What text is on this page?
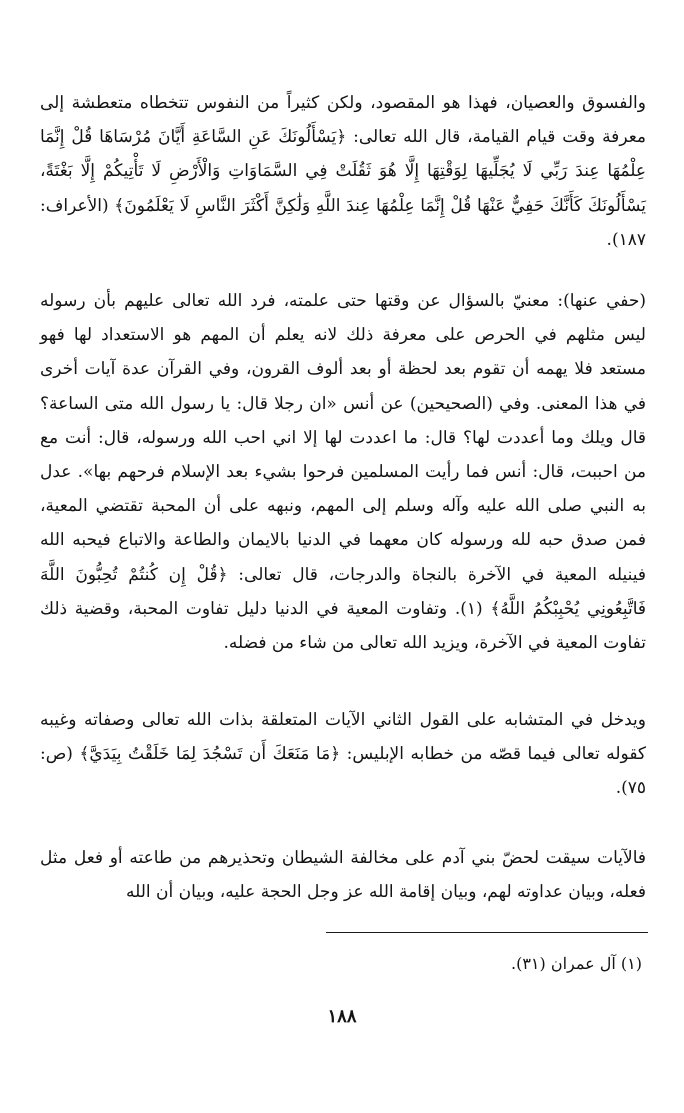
والفسوق والعصيان، فهذا هو المقصود، ولكن كثيراً من النفوس تتخطاه متعطشة إلى معرفة وقت قيام القيامة، قال الله تعالى: ﴿يَسْأَلُونَكَ عَنِ السَّاعَةِ أَيَّانَ مُرْسَاهَا قُلْ إِنَّمَا عِلْمُهَا عِندَ رَبِّي لَا يُجَلِّيهَا لِوَقْتِهَا إِلَّا هُوَ ثَقُلَتْ فِي السَّمَاوَاتِ وَالْأَرْضِ لَا تَأْتِيكُمْ إِلَّا بَغْتَةً، يَسْأَلُونَكَ كَأَنَّكَ حَفِيٌّ عَنْهَا قُلْ إِنَّمَا عِلْمُهَا عِندَ اللَّهِ وَلَٰكِنَّ أَكْثَرَ النَّاسِ لَا يَعْلَمُونَ﴾ (الأعراف: ١٨٧).
(حفي عنها): معنيّ بالسؤال عن وقتها حتى علمته، فرد الله تعالى عليهم بأن رسوله ليس مثلهم في الحرص على معرفة ذلك لانه يعلم أن المهم هو الاستعداد لها فهو مستعد فلا يهمه أن تقوم بعد لحظة أو بعد ألوف القرون، وفي القرآن عدة آيات أخرى في هذا المعنى. وفي (الصحيحين) عن أنس «ان رجلا قال: يا رسول الله متى الساعة؟ قال ويلك وما أعددت لها؟ قال: ما اعددت لها إلا اني احب الله ورسوله، قال: أنت مع من احببت، قال: أنس فما رأيت المسلمين فرحوا بشيء بعد الإسلام فرحهم بها». عدل به النبي صلى الله عليه وآله وسلم إلى المهم، ونبهه على أن المحبة تقتضي المعية، فمن صدق حبه لله ورسوله كان معهما في الدنيا بالايمان والطاعة والاتباع فيحبه الله فينيله المعية في الآخرة بالنجاة والدرجات، قال تعالى: ﴿قُلْ إِن كُنتُمْ تُحِبُّونَ اللَّهَ فَاتَّبِعُونِي يُحْبِبْكُمُ اللَّهُ﴾ (١). وتفاوت المعية في الدنيا دليل تفاوت المحبة، وقضية ذلك تفاوت المعية في الآخرة، ويزيد الله تعالى من شاء من فضله.
ويدخل في المتشابه على القول الثاني الآيات المتعلقة بذات الله تعالى وصفاته وغيبه كقوله تعالى فيما قصّه من خطابه الإبليس: ﴿مَا مَنَعَكَ أَن تَسْجُدَ لِمَا خَلَقْتُ بِيَدَيَّ﴾ (ص: ٧٥).
فالآيات سيقت لحضّ بني آدم على مخالفة الشيطان وتحذيرهم من طاعته أو فعل مثل فعله، وبيان عداوته لهم، وبيان إقامة الله عز وجل الحجة عليه، وبيان أن الله
(١) آل عمران (٣١).
١٨٨
